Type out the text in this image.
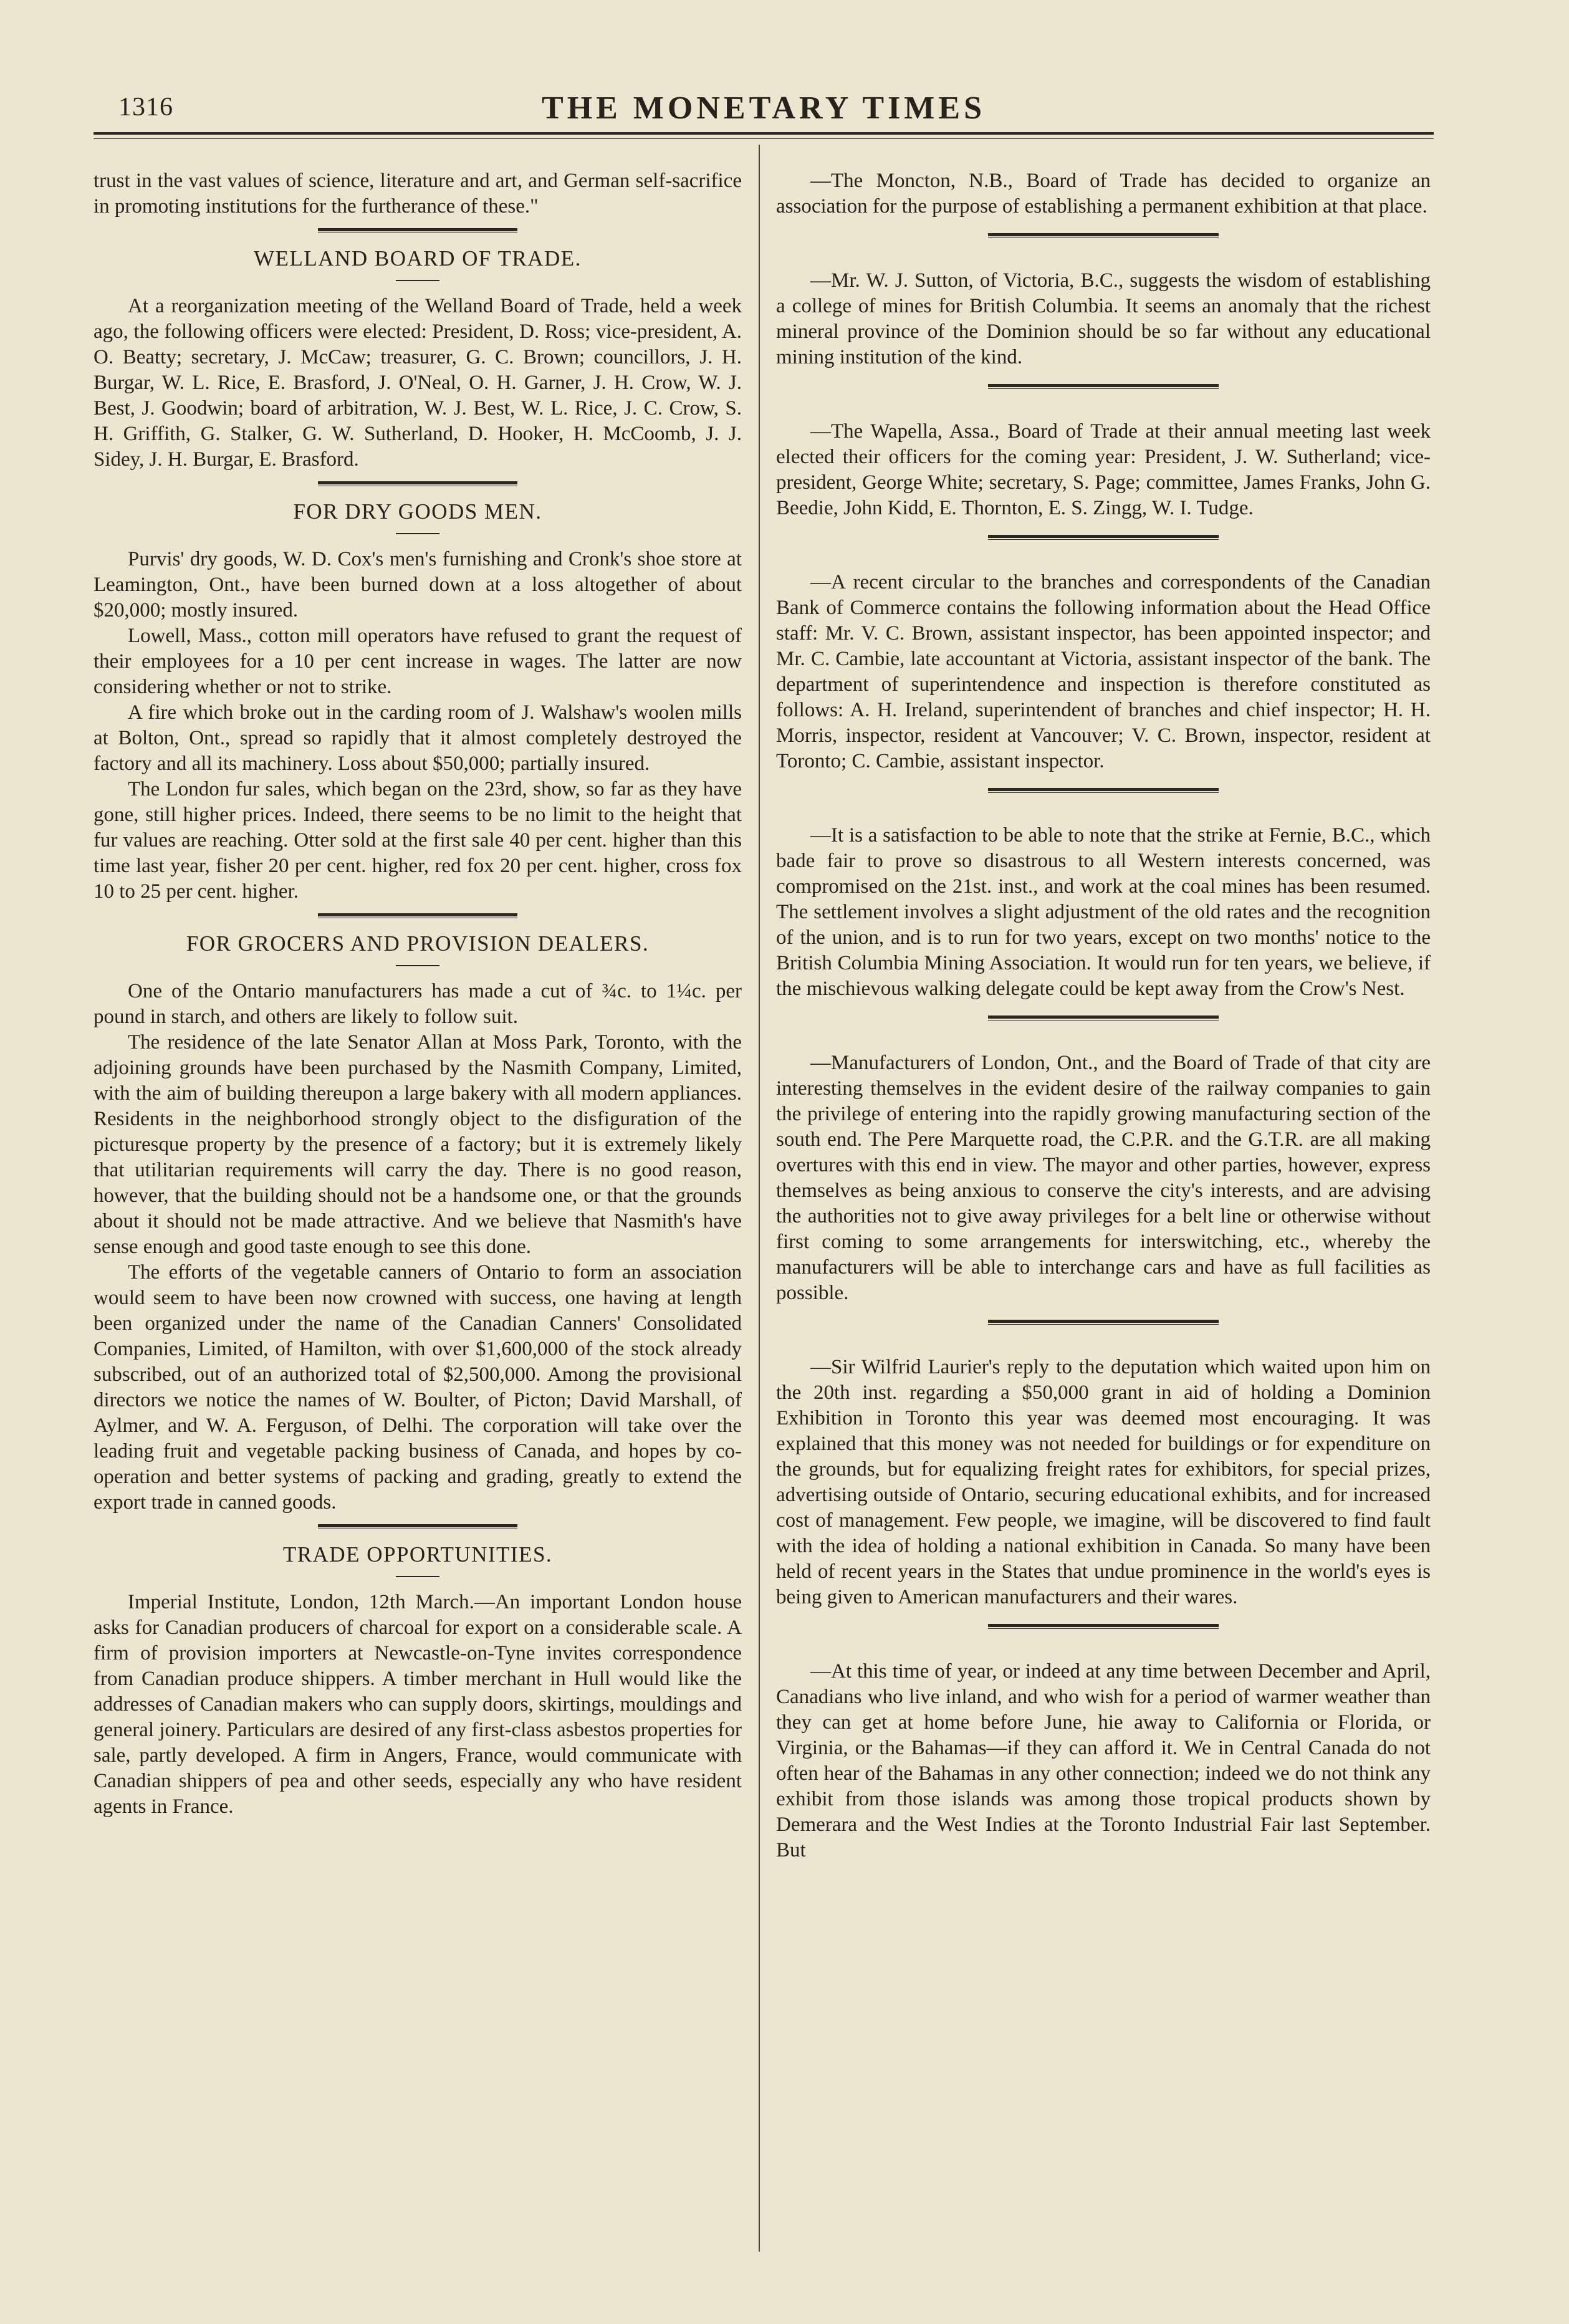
1316	THE MONETARY TIMES

trust in the vast values of science, literature and art, and German self-sacrifice in promoting institutions for the furtherance of these."

WELLAND BOARD OF TRADE.

At a reorganization meeting of the Welland Board of Trade, held a week ago, the following officers were elected: President, D. Ross; vice-president, A. O. Beatty; secretary, J. McCaw; treasurer, G. C. Brown; councillors, J. H. Burgar, W. L. Rice, E. Brasford, J. O'Neal, O. H. Garner, J. H. Crow, W. J. Best, J. Goodwin; board of arbitration, W. J. Best, W. L. Rice, J. C. Crow, S. H. Griffith, G. Stalker, G. W. Sutherland, D. Hooker, H. McCoomb, J. J. Sidey, J. H. Burgar, E. Brasford.

FOR DRY GOODS MEN.

Purvis' dry goods, W. D. Cox's men's furnishing and Cronk's shoe store at Leamington, Ont., have been burned down at a loss altogether of about $20,000; mostly insured.

Lowell, Mass., cotton mill operators have refused to grant the request of their employees for a 10 per cent increase in wages. The latter are now considering whether or not to strike.

A fire which broke out in the carding room of J. Walshaw's woolen mills at Bolton, Ont., spread so rapidly that it almost completely destroyed the factory and all its machinery. Loss about $50,000; partially insured.

The London fur sales, which began on the 23rd, show, so far as they have gone, still higher prices. Indeed, there seems to be no limit to the height that fur values are reaching. Otter sold at the first sale 40 per cent. higher than this time last year, fisher 20 per cent. higher, red fox 20 per cent. higher, cross fox 10 to 25 per cent. higher.

FOR GROCERS AND PROVISION DEALERS.

One of the Ontario manufacturers has made a cut of ¾c. to 1¼c. per pound in starch, and others are likely to follow suit.

The residence of the late Senator Allan at Moss Park, Toronto, with the adjoining grounds have been purchased by the Nasmith Company, Limited, with the aim of building thereupon a large bakery with all modern appliances. Residents in the neighborhood strongly object to the disfiguration of the picturesque property by the presence of a factory; but it is extremely likely that utilitarian requirements will carry the day. There is no good reason, however, that the building should not be a handsome one, or that the grounds about it should not be made attractive. And we believe that Nasmith's have sense enough and good taste enough to see this done.

The efforts of the vegetable canners of Ontario to form an association would seem to have been now crowned with success, one having at length been organized under the name of the Canadian Canners' Consolidated Companies, Limited, of Hamilton, with over $1,600,000 of the stock already subscribed, out of an authorized total of $2,500,000. Among the provisional directors we notice the names of W. Boulter, of Picton; David Marshall, of Aylmer, and W. A. Ferguson, of Delhi. The corporation will take over the leading fruit and vegetable packing business of Canada, and hopes by co-operation and better systems of packing and grading, greatly to extend the export trade in canned goods.

TRADE OPPORTUNITIES.

Imperial Institute, London, 12th March.—An important London house asks for Canadian producers of charcoal for export on a considerable scale. A firm of provision importers at Newcastle-on-Tyne invites correspondence from Canadian produce shippers. A timber merchant in Hull would like the addresses of Canadian makers who can supply doors, skirtings, mouldings and general joinery. Particulars are desired of any first-class asbestos properties for sale, partly developed. A firm in Angers, France, would communicate with Canadian shippers of pea and other seeds, especially any who have resident agents in France.

—The Moncton, N.B., Board of Trade has decided to organize an association for the purpose of establishing a permanent exhibition at that place.

—Mr. W. J. Sutton, of Victoria, B.C., suggests the wisdom of establishing a college of mines for British Columbia. It seems an anomaly that the richest mineral province of the Dominion should be so far without any educational mining institution of the kind.

—The Wapella, Assa., Board of Trade at their annual meeting last week elected their officers for the coming year: President, J. W. Sutherland; vice-president, George White; secretary, S. Page; committee, James Franks, John G. Beedie, John Kidd, E. Thornton, E. S. Zingg, W. I. Tudge.

—A recent circular to the branches and correspondents of the Canadian Bank of Commerce contains the following information about the Head Office staff: Mr. V. C. Brown, assistant inspector, has been appointed inspector; and Mr. C. Cambie, late accountant at Victoria, assistant inspector of the bank. The department of superintendence and inspection is therefore constituted as follows: A. H. Ireland, superintendent of branches and chief inspector; H. H. Morris, inspector, resident at Vancouver; V. C. Brown, inspector, resident at Toronto; C. Cambie, assistant inspector.

—It is a satisfaction to be able to note that the strike at Fernie, B.C., which bade fair to prove so disastrous to all Western interests concerned, was compromised on the 21st. inst., and work at the coal mines has been resumed. The settlement involves a slight adjustment of the old rates and the recognition of the union, and is to run for two years, except on two months' notice to the British Columbia Mining Association. It would run for ten years, we believe, if the mischievous walking delegate could be kept away from the Crow's Nest.

—Manufacturers of London, Ont., and the Board of Trade of that city are interesting themselves in the evident desire of the railway companies to gain the privilege of entering into the rapidly growing manufacturing section of the south end. The Pere Marquette road, the C.P.R. and the G.T.R. are all making overtures with this end in view. The mayor and other parties, however, express themselves as being anxious to conserve the city's interests, and are advising the authorities not to give away privileges for a belt line or otherwise without first coming to some arrangements for interswitching, etc., whereby the manufacturers will be able to interchange cars and have as full facilities as possible.

—Sir Wilfrid Laurier's reply to the deputation which waited upon him on the 20th inst. regarding a $50,000 grant in aid of holding a Dominion Exhibition in Toronto this year was deemed most encouraging. It was explained that this money was not needed for buildings or for expenditure on the grounds, but for equalizing freight rates for exhibitors, for special prizes, advertising outside of Ontario, securing educational exhibits, and for increased cost of management. Few people, we imagine, will be discovered to find fault with the idea of holding a national exhibition in Canada. So many have been held of recent years in the States that undue prominence in the world's eyes is being given to American manufacturers and their wares.

—At this time of year, or indeed at any time between December and April, Canadians who live inland, and who wish for a period of warmer weather than they can get at home before June, hie away to California or Florida, or Virginia, or the Bahamas—if they can afford it. We in Central Canada do not often hear of the Bahamas in any other connection; indeed we do not think any exhibit from those islands was among those tropical products shown by Demerara and the West Indies at the Toronto Industrial Fair last September. But
